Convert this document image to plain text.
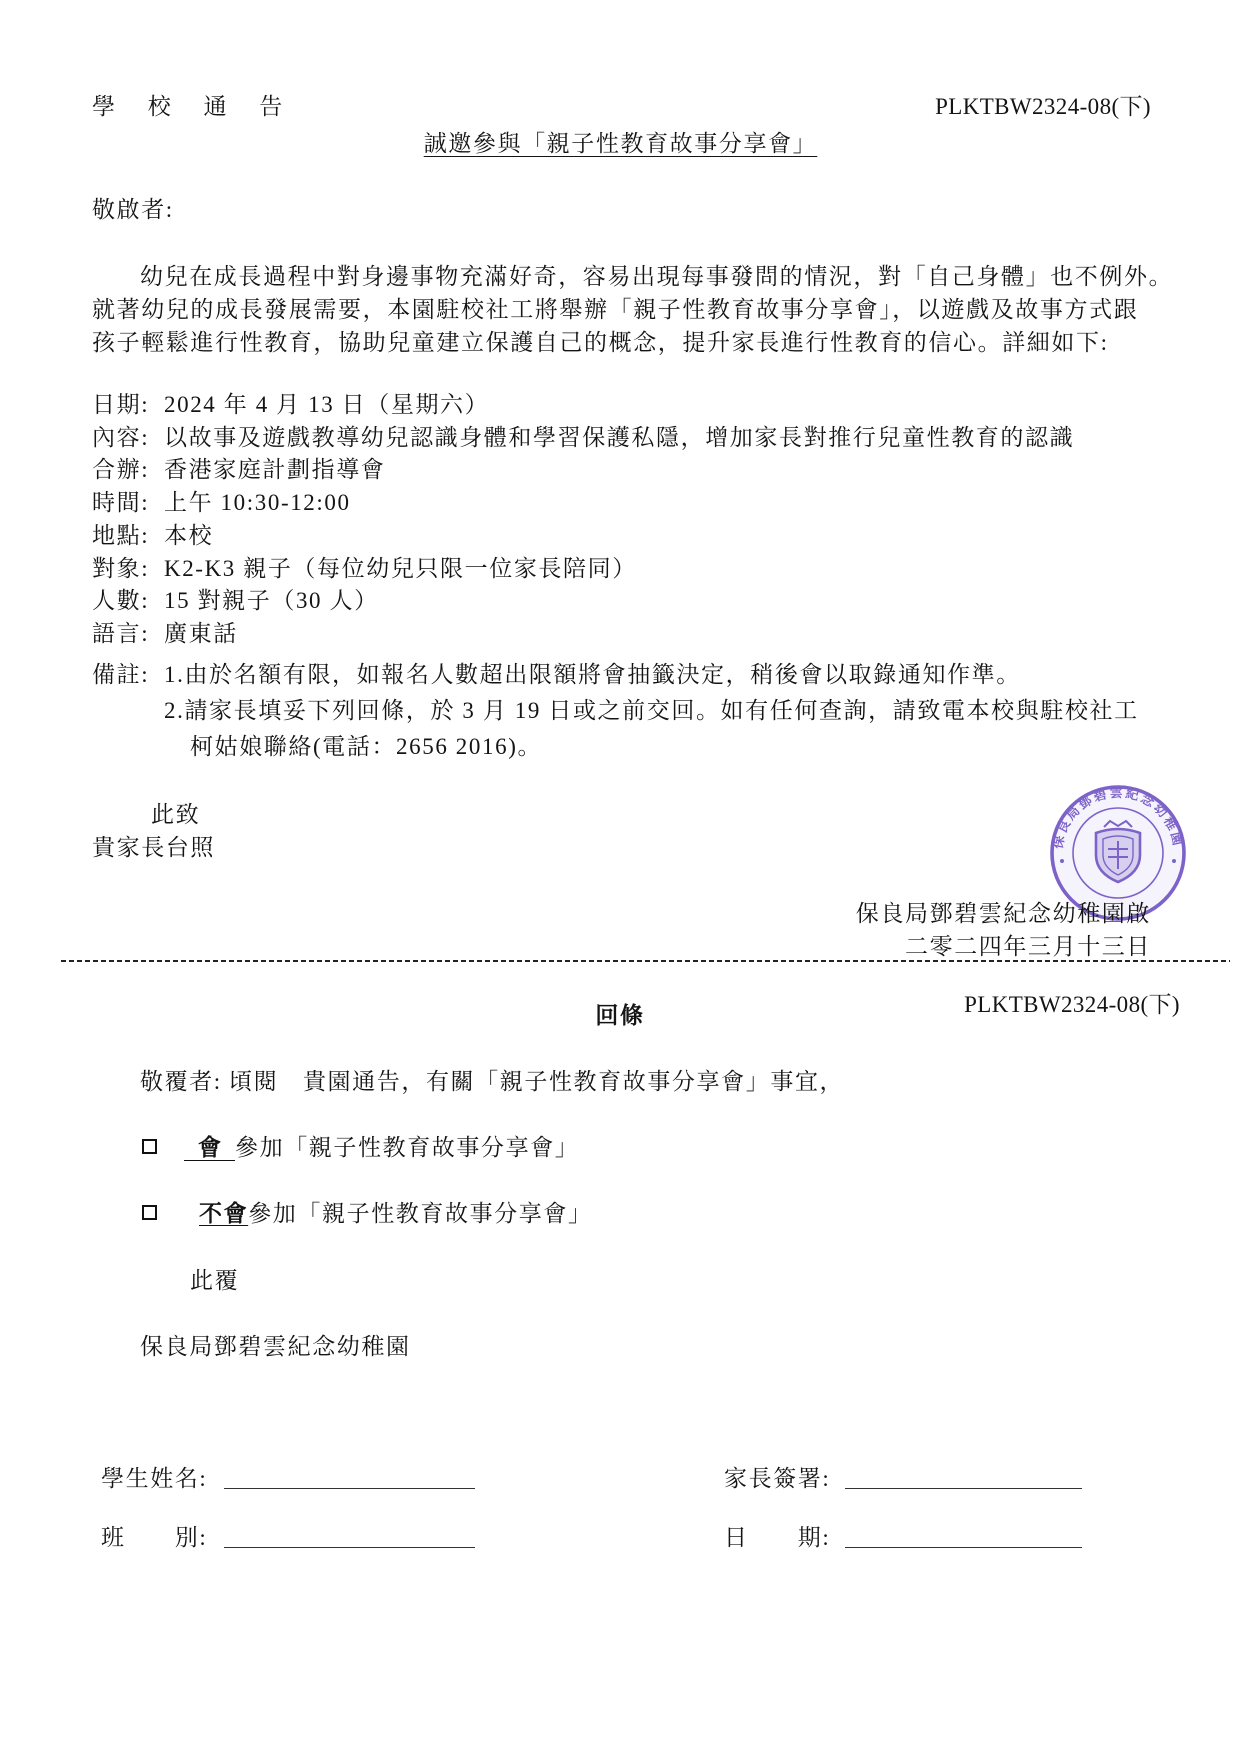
學 校 通 告	PLKTBW2324-08(下)
誠邀參與「親子性教育故事分享會」
敬啟者:
幼兒在成長過程中對身邊事物充滿好奇，容易出現每事發問的情況，對「自己身體」也不例外。
就著幼兒的成長發展需要，本園駐校社工將舉辦「親子性教育故事分享會」，以遊戲及故事方式跟
孩子輕鬆進行性教育，協助兒童建立保護自己的概念，提升家長進行性教育的信心。詳細如下:
日期: 2024 年 4 月 13 日（星期六）
內容: 以故事及遊戲教導幼兒認識身體和學習保護私隱，增加家長對推行兒童性教育的認識
合辦: 香港家庭計劃指導會
時間: 上午 10:30-12:00
地點: 本校
對象: K2-K3 親子（每位幼兒只限一位家長陪同）
人數: 15 對親子（30 人）
語言: 廣東話
備註: 1.由於名額有限，如報名人數超出限額將會抽籤決定，稍後會以取錄通知作準。
2.請家長填妥下列回條，於 3 月 19 日或之前交回。如有任何查詢，請致電本校與駐校社工
柯姑娘聯絡(電話：2656 2016)。
此致
貴家長台照	保良局鄧碧雲紀念幼稚園
保良局鄧碧雲紀念幼稚園啟
二零二四年三月十三日
PLKTBW2324-08(下)
回條
敬覆者: 頃閱　貴園通告，有關「親子性教育故事分享會」事宜，
會 參加「親子性教育故事分享會」
不會參加「親子性教育故事分享會」
此覆
保良局鄧碧雲紀念幼稚園
學生姓名:	家長簽署:
班　　別:	日　　期:
